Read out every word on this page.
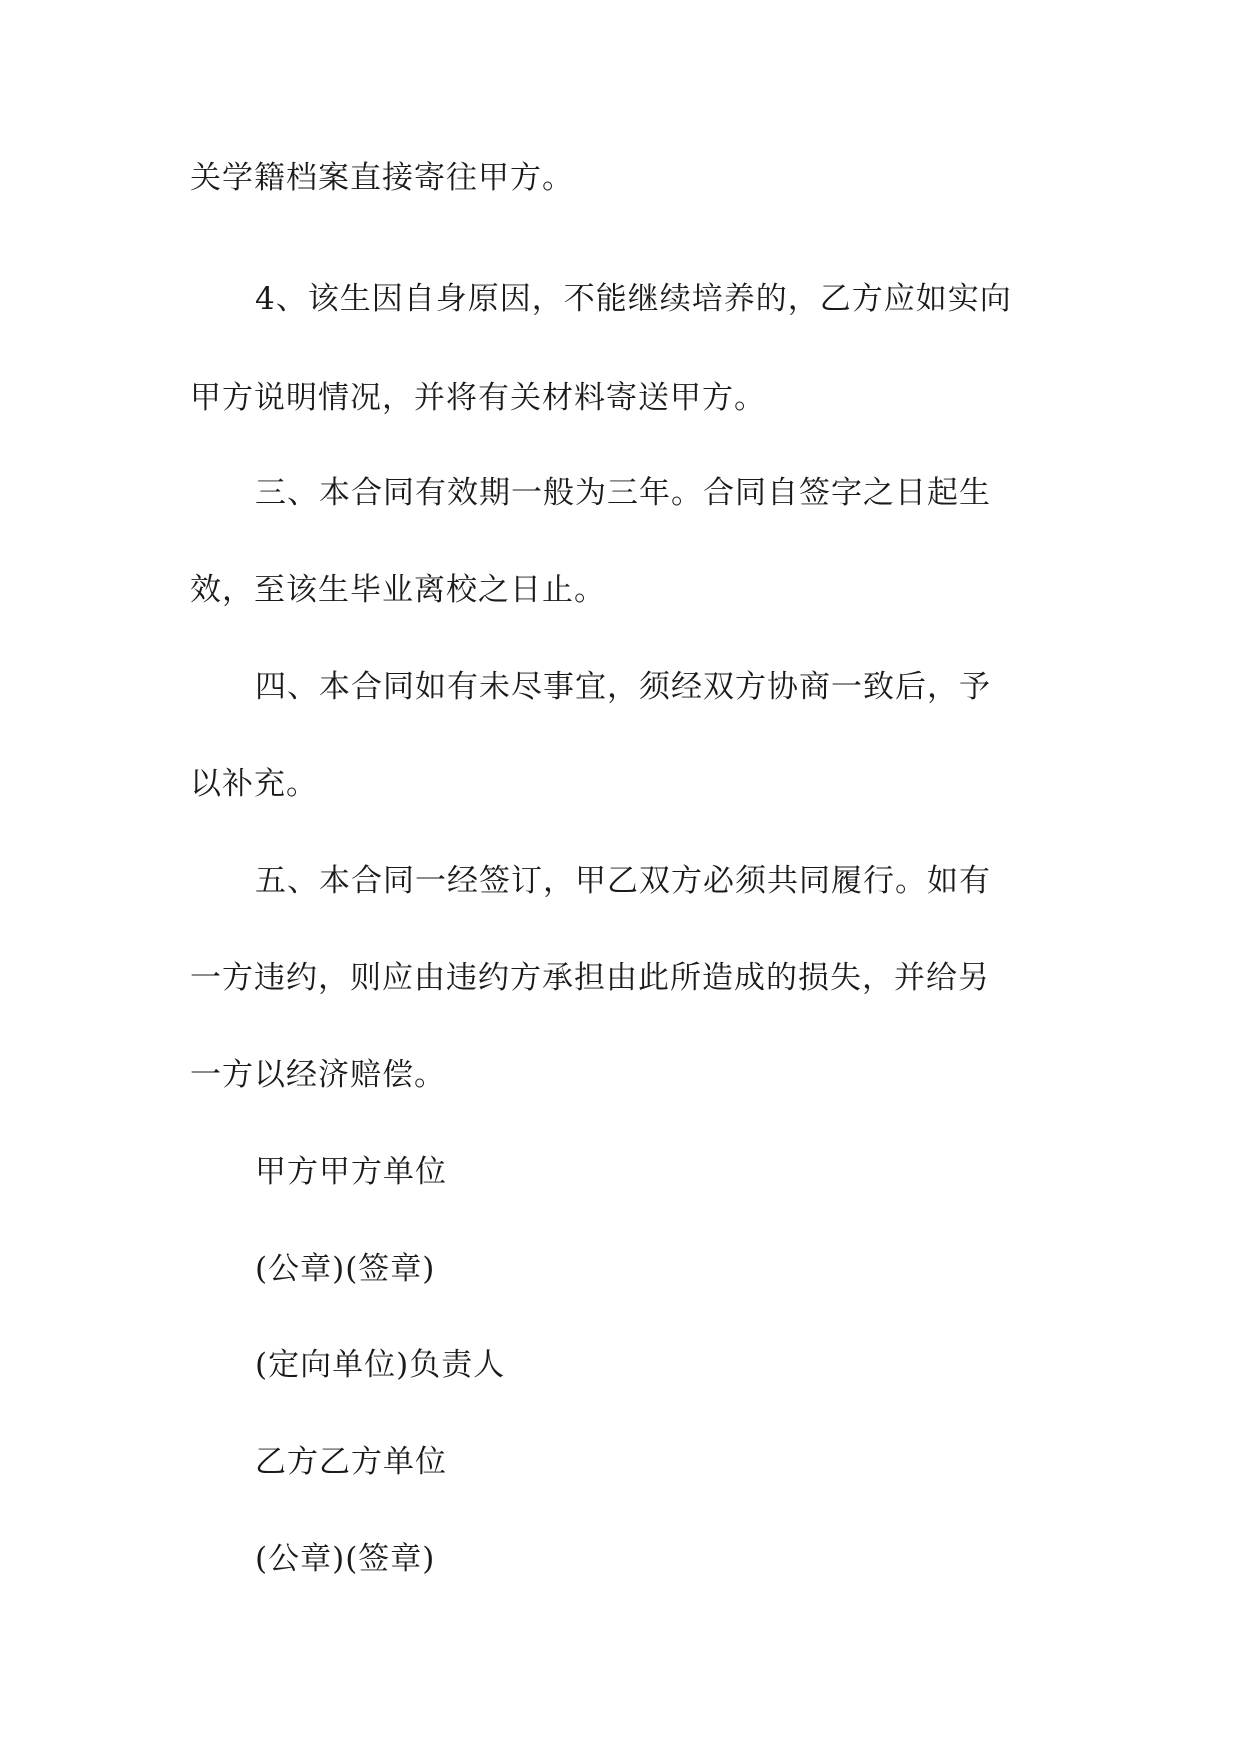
关学籍档案直接寄往甲方。

4、该生因自身原因，不能继续培养的，乙方应如实向

甲方说明情况，并将有关材料寄送甲方。

三、本合同有效期一般为三年。合同自签字之日起生

效，至该生毕业离校之日止。

四、本合同如有未尽事宜，须经双方协商一致后，予

以补充。

五、本合同一经签订，甲乙双方必须共同履行。如有

一方违约，则应由违约方承担由此所造成的损失，并给另

一方以经济赔偿。

甲方甲方单位

(公章)(签章)

(定向单位)负责人

乙方乙方单位

(公章)(签章)
